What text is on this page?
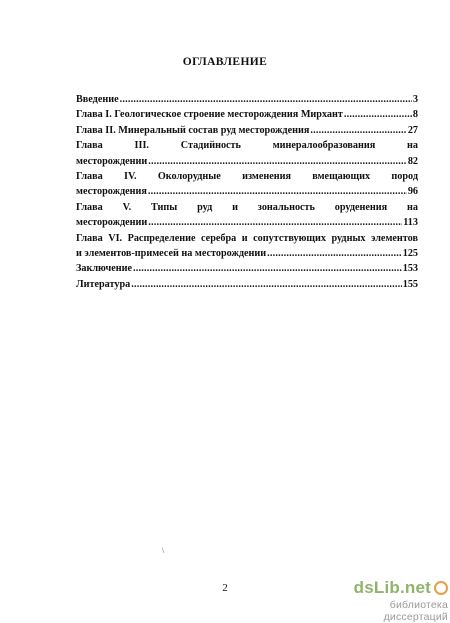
ОГЛАВЛЕНИЕ
Введение .....	3
Глава I. Геологическое строение месторождения Мирхант .....	8
Глава II. Минеральный состав руд месторождения .....	27
Глава III. Стадийность минералообразования на
месторождении .....	82
Глава IV. Околорудные изменения вмещающих пород
месторождения .....	96
Глава V. Типы руд и зональность оруденения на
месторождении .....	113
Глава VI. Распределение серебра и сопутствующих рудных элементов
и элементов-примесей на месторождении .....	125
Заключение .....	153
Литература .....	155
\
2	dsLib.net
библиотека диссертаций
